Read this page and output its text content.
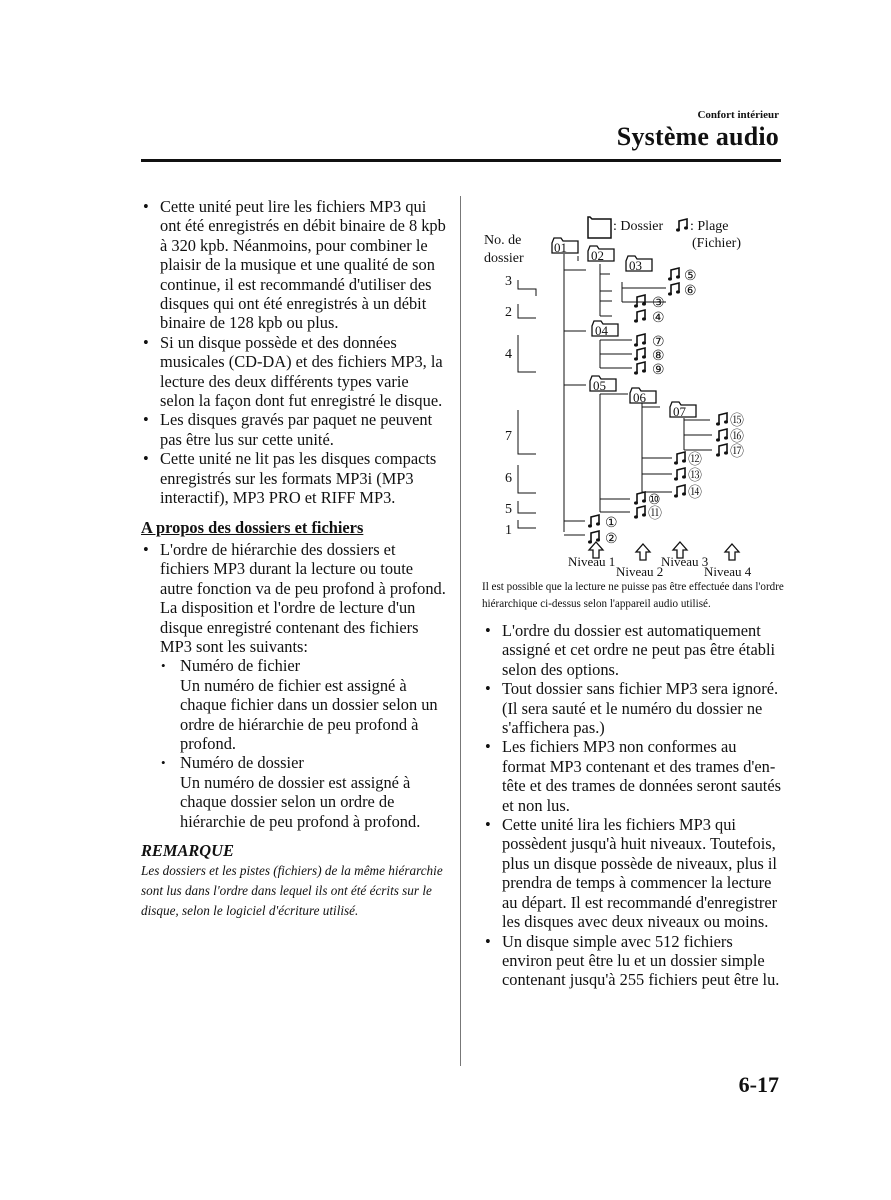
Confort intérieur
Système audio
• Cette unité peut lire les fichiers MP3 qui ont été enregistrés en débit binaire de 8 kpb à 320 kpb. Néanmoins, pour combiner le plaisir de la musique et une qualité de son continue, il est recommandé d'utiliser des disques qui ont été enregistrés à un débit binaire de 128 kpb ou plus.
• Si un disque possède et des données musicales (CD-DA) et des fichiers MP3, la lecture des deux différents types varie selon la façon dont fut enregistré le disque.
• Les disques gravés par paquet ne peuvent pas être lus sur cette unité.
• Cette unité ne lit pas les disques compacts enregistrés sur les formats MP3i (MP3 interactif), MP3 PRO et RIFF MP3.
A propos des dossiers et fichiers
• L'ordre de hiérarchie des dossiers et fichiers MP3 durant la lecture ou toute autre fonction va de peu profond à profond. La disposition et l'ordre de lecture d'un disque enregistré contenant des fichiers MP3 sont les suivants:
• Numéro de fichier
Un numéro de fichier est assigné à chaque fichier dans un dossier selon un ordre de hiérarchie de peu profond à profond.
• Numéro de dossier
Un numéro de dossier est assigné à chaque dossier selon un ordre de hiérarchie de peu profond à profond.
REMARQUE
Les dossiers et les pistes (fichiers) de la même hiérarchie sont lus dans l'ordre dans lequel ils ont été écrits sur le disque, selon le logiciel d'écriture utilisé.
: Dossier : Plage
(Fichier)
No. de
dossier
3
2
4
7
6
5
1
01
02
03
04
05
06
07
⑤
⑥
③
④
⑦
⑧
⑨
⑮
⑯
⑰
⑫
⑬
⑭
⑩
⑪
①
②
Niveau 1
Niveau 2
Niveau 3
Niveau 4
Il est possible que la lecture ne puisse pas être effectuée dans l'ordre hiérarchique ci-dessus selon l'appareil audio utilisé.
• L'ordre du dossier est automatiquement assigné et cet ordre ne peut pas être établi selon des options.
• Tout dossier sans fichier MP3 sera ignoré. (Il sera sauté et le numéro du dossier ne s'affichera pas.)
• Les fichiers MP3 non conformes au format MP3 contenant et des trames d'en-tête et des trames de données seront sautés et non lus.
• Cette unité lira les fichiers MP3 qui possèdent jusqu'à huit niveaux. Toutefois, plus un disque possède de niveaux, plus il prendra de temps à commencer la lecture au départ. Il est recommandé d'enregistrer les disques avec deux niveaux ou moins.
• Un disque simple avec 512 fichiers environ peut être lu et un dossier simple contenant jusqu'à 255 fichiers peut être lu.
6-17
